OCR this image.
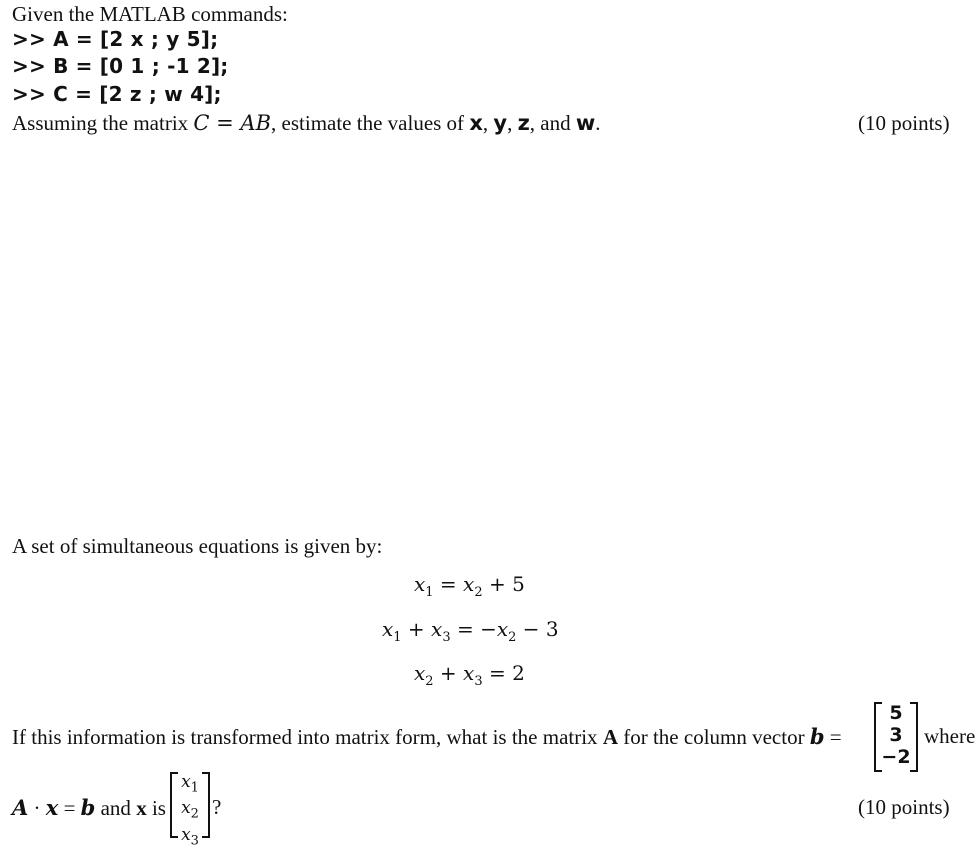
Given the MATLAB commands:
>> A = [2 x ; y 5];
>> B = [0 1 ; -1 2];
>> C = [2 z ; w 4];
Assuming the matrix C = AB, estimate the values of x, y, z, and w.	(10 points)
A set of simultaneous equations is given by:
$x_1 = x_2 + 5$
$x_1 + x_3 = -x_2 - 3$
$x_2 + x_3 = 2$
If this information is transformed into matrix form, what is the matrix A for the column vector b =
5
3
−2
where
A · x = b and x is
$x_1$
$x_2$
$x_3$
?	(10 points)
